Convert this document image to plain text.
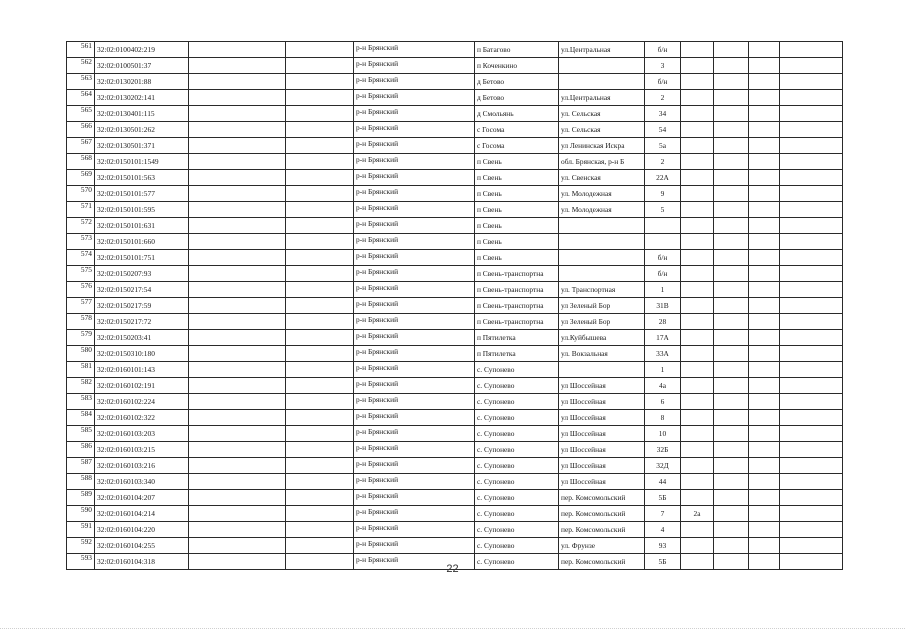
561	32:02:0100402:219			р-н Брянский	п Батагово	ул.Центральная	б/н				
562	32:02:0100501:37			р-н Брянский	п Коченкино		3				
563	32:02:0130201:88			р-н Брянский	д Бетово		б/н				
564	32:02:0130202:141			р-н Брянский	д Бетово	ул.Центральная	2				
565	32:02:0130401:115			р-н Брянский	д Смольянь	ул. Сельская	34				
566	32:02:0130501:262			р-н Брянский	с Госома	ул. Сельская	54				
567	32:02:0130501:371			р-н Брянский	с Госома	ул Ленинская Искра	5а				
568	32:02:0150101:1549			р-н Брянский	п Свень	обл. Брянская, р-н Б	2				
569	32:02:0150101:563			р-н Брянский	п Свень	ул. Свенская	22А				
570	32:02:0150101:577			р-н Брянский	п Свень	ул. Молодежная	9				
571	32:02:0150101:595			р-н Брянский	п Свень	ул. Молодежная	5				
572	32:02:0150101:631			р-н Брянский	п Свень						
573	32:02:0150101:660			р-н Брянский	п Свень						
574	32:02:0150101:751			р-н Брянский	п Свень		б/н				
575	32:02:0150207:93			р-н Брянский	п Свень-транспортна		б/н				
576	32:02:0150217:54			р-н Брянский	п Свень-транспортна	ул. Транспортная	1				
577	32:02:0150217:59			р-н Брянский	п Свень-транспортна	ул Зеленый Бор	31В				
578	32:02:0150217:72			р-н Брянский	п Свень-транспортна	ул Зеленый Бор	28				
579	32:02:0150203:41			р-н Брянский	п Пятилетка	ул.Куйбышева	17А				
580	32:02:0150310:180			р-н Брянский	п Пятилетка	ул. Вокзальная	33А				
581	32:02:0160101:143			р-н Брянский	с. Супонево		1				
582	32:02:0160102:191			р-н Брянский	с. Супонево	ул Шоссейная	4а				
583	32:02:0160102:224			р-н Брянский	с. Супонево	ул Шоссейная	6				
584	32:02:0160102:322			р-н Брянский	с. Супонево	ул Шоссейная	8				
585	32:02:0160103:203			р-н Брянский	с. Супонево	ул Шоссейная	10				
586	32:02:0160103:215			р-н Брянский	с. Супонево	ул Шоссейная	32Б				
587	32:02:0160103:216			р-н Брянский	с. Супонево	ул Шоссейная	32Д				
588	32:02:0160103:340			р-н Брянский	с. Супонево	ул Шоссейная	44				
589	32:02:0160104:207			р-н Брянский	с. Супонево	пер. Комсомольский	5Б				
590	32:02:0160104:214			р-н Брянский	с. Супонево	пер. Комсомольский	7	2а			
591	32:02:0160104:220			р-н Брянский	с. Супонево	пер. Комсомольский	4				
592	32:02:0160104:255			р-н Брянский	с. Супонево	ул. Фрунзе	93				
593	32:02:0160104:318			р-н Брянский	с. Супонево	пер. Комсомольский	5Б				
22
